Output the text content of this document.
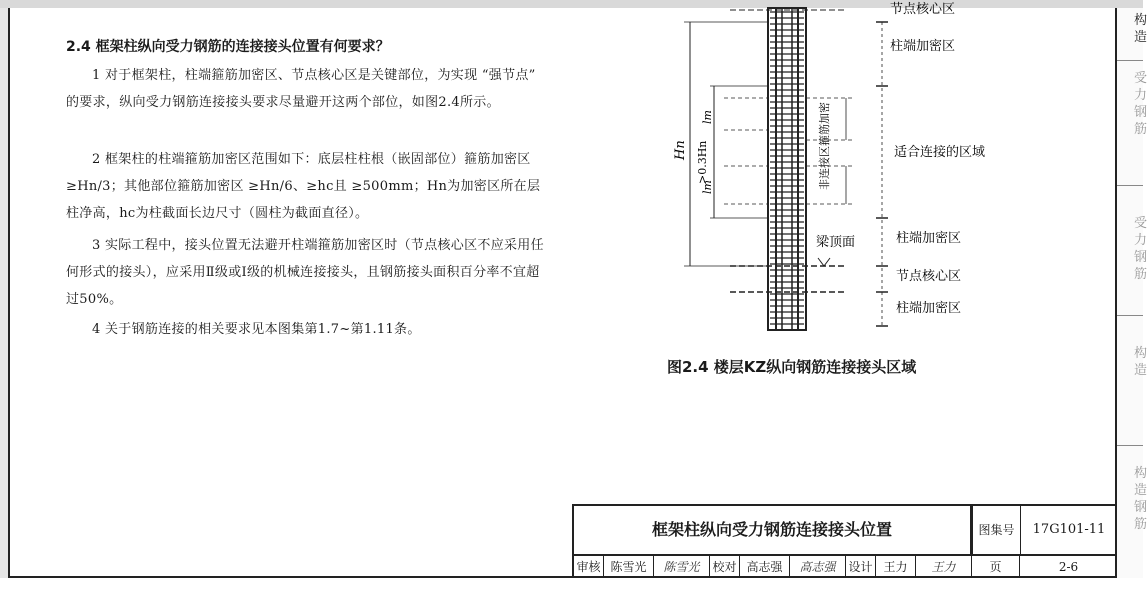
构造
受力钢筋
受力钢筋
构造
构造钢筋
2.4 框架柱纵向受力钢筋的连接接头位置有何要求？
1 对于框架柱，柱端箍筋加密区、节点核心区是关键部位，为实现 “强节点” 的要求，纵向受力钢筋连接接头要求尽量避开这两个部位，如图2.4所示。
2 框架柱的柱端箍筋加密区范围如下：底层柱柱根（嵌固部位）箍筋加密区 ≥Hn/3；其他部位箍筋加密区 ≥Hn/6、≥hc且 ≥500mm；Hn为加密区所在层柱净高，hc为柱截面长边尺寸（圆柱为截面直径）。
3 实际工程中，接头位置无法避开柱端箍筋加密区时（节点核心区不应采用任何形式的接头），应采用Ⅱ级或Ⅰ级的机械连接接头，且钢筋接头面积百分率不宜超过50%。
4 关于钢筋连接的相关要求见本图集第1.7~第1.11条。
节点核心区
柱端加密区
适合连接的区域
柱端加密区
梁顶面
节点核心区
柱端加密区
Hn >0.3Hn
lm
lm	非连接区箍筋加密
图2.4 楼层KZ纵向钢筋连接接头区域
框架柱纵向受力钢筋连接接头位置	图集号	17G101-11
审核 陈雪光	陈雪光	校对 高志强	高志强	设计 王力	王力	页	2-6
